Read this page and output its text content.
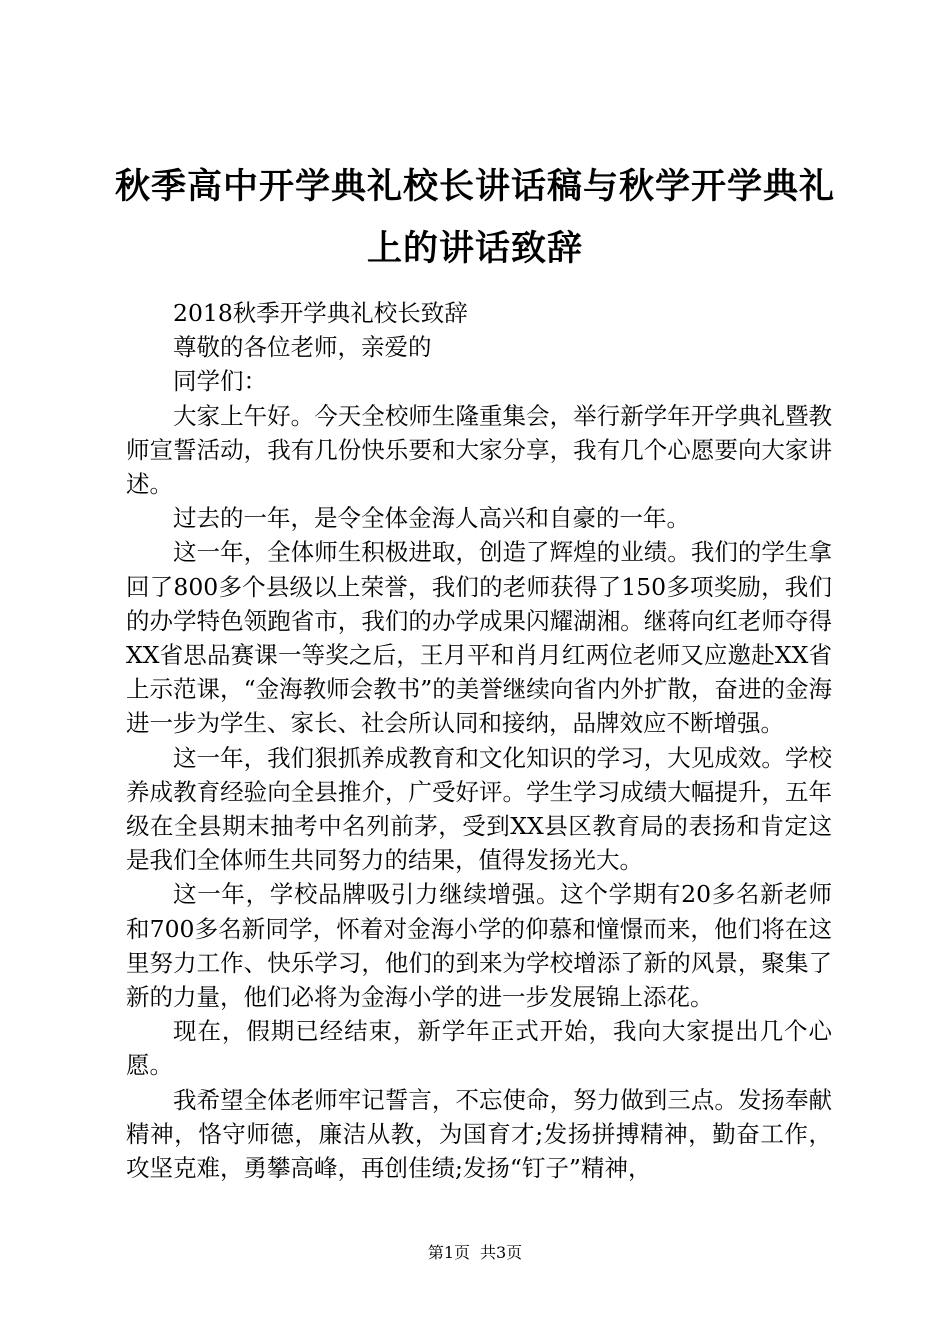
秋季高中开学典礼校长讲话稿与秋学开学典礼
上的讲话致辞

2018秋季开学典礼校长致辞

尊敬的各位老师，亲爱的

同学们：

大家上午好。今天全校师生隆重集会，举行新学年开学典礼暨教师宣誓活动，我有几份快乐要和大家分享，我有几个心愿要向大家讲述。

过去的一年，是令全体金海人高兴和自豪的一年。

这一年，全体师生积极进取，创造了辉煌的业绩。我们的学生拿回了800多个县级以上荣誉，我们的老师获得了150多项奖励，我们的办学特色领跑省市，我们的办学成果闪耀湖湘。继蒋向红老师夺得XX省思品赛课一等奖之后，王月平和肖月红两位老师又应邀赴XX省上示范课，“金海教师会教书”的美誉继续向省内外扩散，奋进的金海进一步为学生、家长、社会所认同和接纳，品牌效应不断增强。

这一年，我们狠抓养成教育和文化知识的学习，大见成效。学校养成教育经验向全县推介，广受好评。学生学习成绩大幅提升，五年级在全县期末抽考中名列前茅，受到XX县区教育局的表扬和肯定这是我们全体师生共同努力的结果，值得发扬光大。

这一年，学校品牌吸引力继续增强。这个学期有20多名新老师和700多名新同学，怀着对金海小学的仰慕和憧憬而来，他们将在这里努力工作、快乐学习，他们的到来为学校增添了新的风景，聚集了新的力量，他们必将为金海小学的进一步发展锦上添花。

现在，假期已经结束，新学年正式开始，我向大家提出几个心愿。

我希望全体老师牢记誓言，不忘使命，努力做到三点。发扬奉献精神，恪守师德，廉洁从教，为国育才;发扬拼搏精神，勤奋工作，攻坚克难，勇攀高峰，再创佳绩;发扬“钉子”精神，

第1页 共3页
